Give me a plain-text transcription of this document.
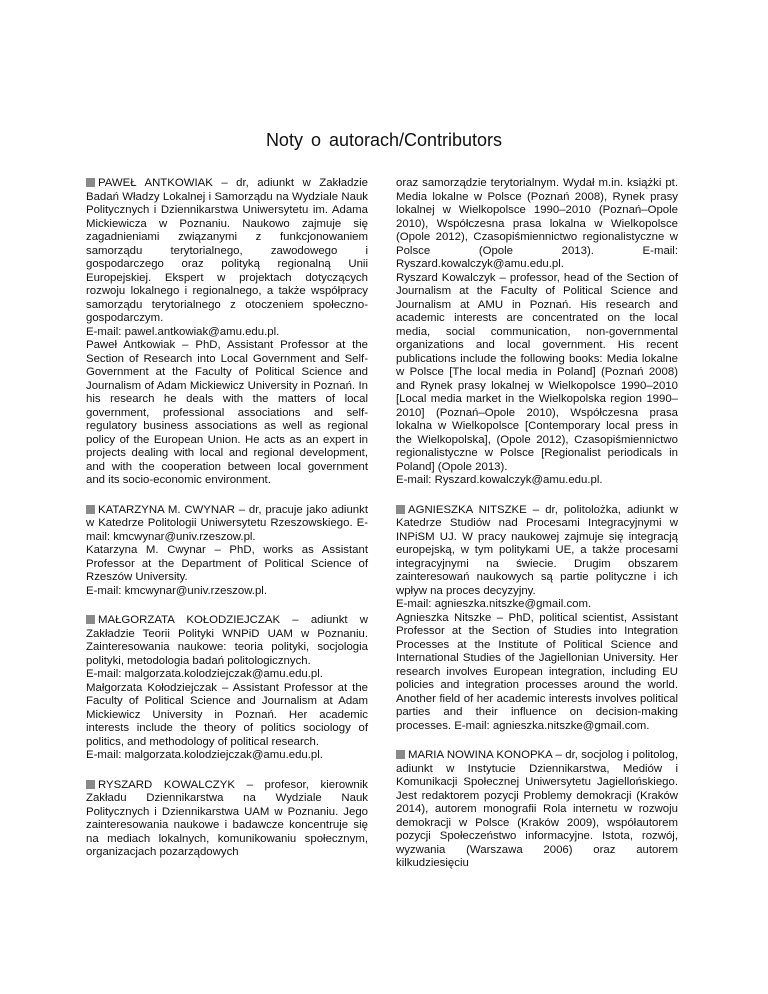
Noty o autorach/Contributors

PAWEŁ ANTKOWIAK – dr, adiunkt w Zakładzie Badań Władzy Lokalnej i Samorządu na Wydziale Nauk Politycznych i Dziennikarstwa Uniwersytetu im. Adama Mickiewicza w Poznaniu. Naukowo zajmuje się zagadnieniami związanymi z funkcjonowaniem samorządu terytorialnego, zawodowego i gospodarczego oraz polityką regionalną Unii Europejskiej. Ekspert w projektach dotyczących rozwoju lokalnego i regionalnego, a także współpracy samorządu terytorialnego z otoczeniem społeczno-gospodarczym.

E-mail: pawel.antkowiak@amu.edu.pl.

Paweł Antkowiak – PhD, Assistant Professor at the Section of Research into Local Government and Self-Government at the Faculty of Political Science and Journalism of Adam Mickiewicz University in Poznań. In his research he deals with the matters of local government, professional associations and self-regulatory business associations as well as regional policy of the European Union. He acts as an expert in projects dealing with local and regional development, and with the cooperation between local government and its socio-economic environment.

KATARZYNA M. CWYNAR – dr, pracuje jako adiunkt w Katedrze Politologii Uniwersytetu Rzeszowskiego. E-mail: kmcwynar@univ.rzeszow.pl.

Katarzyna M. Cwynar – PhD, works as Assistant Professor at the Department of Political Science of Rzeszów University.

E-mail: kmcwynar@univ.rzeszow.pl.

MAŁGORZATA KOŁODZIEJCZAK – adiunkt w Zakładzie Teorii Polityki WNPiD UAM w Poznaniu. Zainteresowania naukowe: teoria polityki, socjologia polityki, metodologia badań politologicznych.

E-mail: malgorzata.kolodziejczak@amu.edu.pl.

Małgorzata Kołodziejczak – Assistant Professor at the Faculty of Political Science and Journalism at Adam Mickiewicz University in Poznań. Her academic interests include the theory of politics sociology of politics, and methodology of political research.

E-mail: malgorzata.kolodziejczak@amu.edu.pl.

RYSZARD KOWALCZYK – profesor, kierownik Zakładu Dziennikarstwa na Wydziale Nauk Politycznych i Dziennikarstwa UAM w Poznaniu. Jego zainteresowania naukowe i badawcze koncentruje się na mediach lokalnych, komunikowaniu społecznym, organizacjach pozarządowych

oraz samorządzie terytorialnym. Wydał m.in. książki pt. Media lokalne w Polsce (Poznań 2008), Rynek prasy lokalnej w Wielkopolsce 1990–2010 (Poznań–Opole 2010), Współczesna prasa lokalna w Wielkopolsce (Opole 2012), Czasopiśmiennictwo regionalistyczne w Polsce (Opole 2013). E-mail: Ryszard.kowalczyk@amu.edu.pl.

Ryszard Kowalczyk – professor, head of the Section of Journalism at the Faculty of Political Science and Journalism at AMU in Poznań. His research and academic interests are concentrated on the local media, social communication, non-governmental organizations and local government. His recent publications include the following books: Media lokalne w Polsce [The local media in Poland] (Poznań 2008) and Rynek prasy lokalnej w Wielkopolsce 1990–2010 [Local media market in the Wielkopolska region 1990–2010] (Poznań–Opole 2010), Współczesna prasa lokalna w Wielkopolsce [Contemporary local press in the Wielkopolska], (Opole 2012), Czasopiśmiennictwo regionalistyczne w Polsce [Regionalist periodicals in Poland] (Opole 2013).

E-mail: Ryszard.kowalczyk@amu.edu.pl.

AGNIESZKA NITSZKE – dr, politolożka, adiunkt w Katedrze Studiów nad Procesami Integracyjnymi w INPiSM UJ. W pracy naukowej zajmuje się integracją europejską, w tym politykami UE, a także procesami integracyjnymi na świecie. Drugim obszarem zainteresowań naukowych są partie polityczne i ich wpływ na proces decyzyjny.

E-mail: agnieszka.nitszke@gmail.com.

Agnieszka Nitszke – PhD, political scientist, Assistant Professor at the Section of Studies into Integration Processes at the Institute of Political Science and International Studies of the Jagiellonian University. Her research involves European integration, including EU policies and integration processes around the world. Another field of her academic interests involves political parties and their influence on decision-making processes. E-mail: agnieszka.nitszke@gmail.com.

MARIA NOWINA KONOPKA – dr, socjolog i politolog, adiunkt w Instytucie Dziennikarstwa, Mediów i Komunikacji Społecznej Uniwersytetu Jagiellońskiego. Jest redaktorem pozycji Problemy demokracji (Kraków 2014), autorem monografii Rola internetu w rozwoju demokracji w Polsce (Kraków 2009), współautorem pozycji Społeczeństwo informacyjne. Istota, rozwój, wyzwania (Warszawa 2006) oraz autorem kilkudziesięciu
